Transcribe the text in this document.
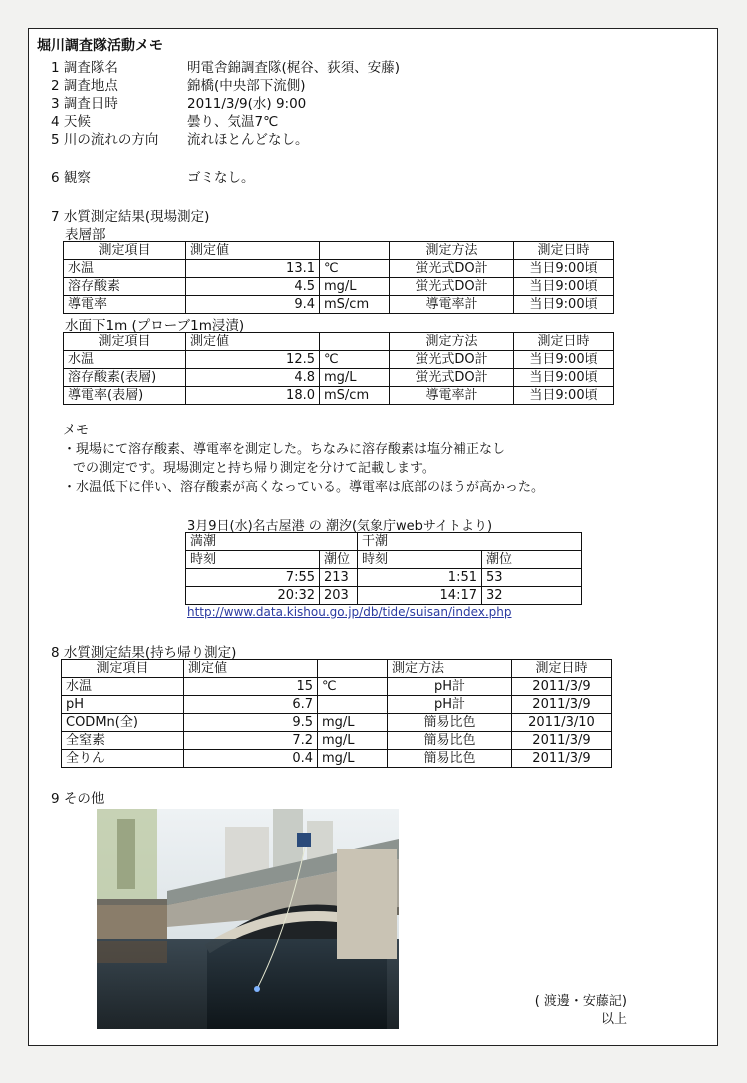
堀川調査隊活動メモ
1 調査隊名	明電舎錦調査隊(梶谷、荻須、安藤)
2 調査地点	錦橋(中央部下流側)
3 調査日時	2011/3/9(水) 9:00
4 天候	曇り、気温7℃
5 川の流れの方向	流れほとんどなし。
6 観察	ゴミなし。
7 水質測定結果(現場測定)
表層部
測定項目	測定値		測定方法	測定日時
水温	13.1	℃	蛍光式DO計	当日9:00頃
溶存酸素	4.5	mg/L	蛍光式DO計	当日9:00頃
導電率	9.4	mS/cm	導電率計	当日9:00頃
水面下1m (プローブ1m浸漬)
測定項目	測定値		測定方法	測定日時
水温	12.5	℃	蛍光式DO計	当日9:00頃
溶存酸素(表層)	4.8	mg/L	蛍光式DO計	当日9:00頃
導電率(表層)	18.0	mS/cm	導電率計	当日9:00頃
メモ
・現場にて溶存酸素、導電率を測定した。ちなみに溶存酸素は塩分補正なし
での測定です。現場測定と持ち帰り測定を分けて記載します。
・水温低下に伴い、溶存酸素が高くなっている。導電率は底部のほうが高かった。
3月9日(水)名古屋港 の 潮汐(気象庁webサイトより)
満潮		干潮	
時刻	潮位	時刻	潮位
7:55	213	1:51	53
20:32	203	14:17	32
http://www.data.kishou.go.jp/db/tide/suisan/index.php
8 水質測定結果(持ち帰り測定)
測定項目	測定値		測定方法	測定日時
水温	15	℃	pH計	2011/3/9
pH	6.7		pH計	2011/3/9
CODMn(全)	9.5	mg/L	簡易比色	2011/3/10
全窒素	7.2	mg/L	簡易比色	2011/3/9
全りん	0.4	mg/L	簡易比色	2011/3/9
9 その他
( 渡邊・安藤記)
以上
